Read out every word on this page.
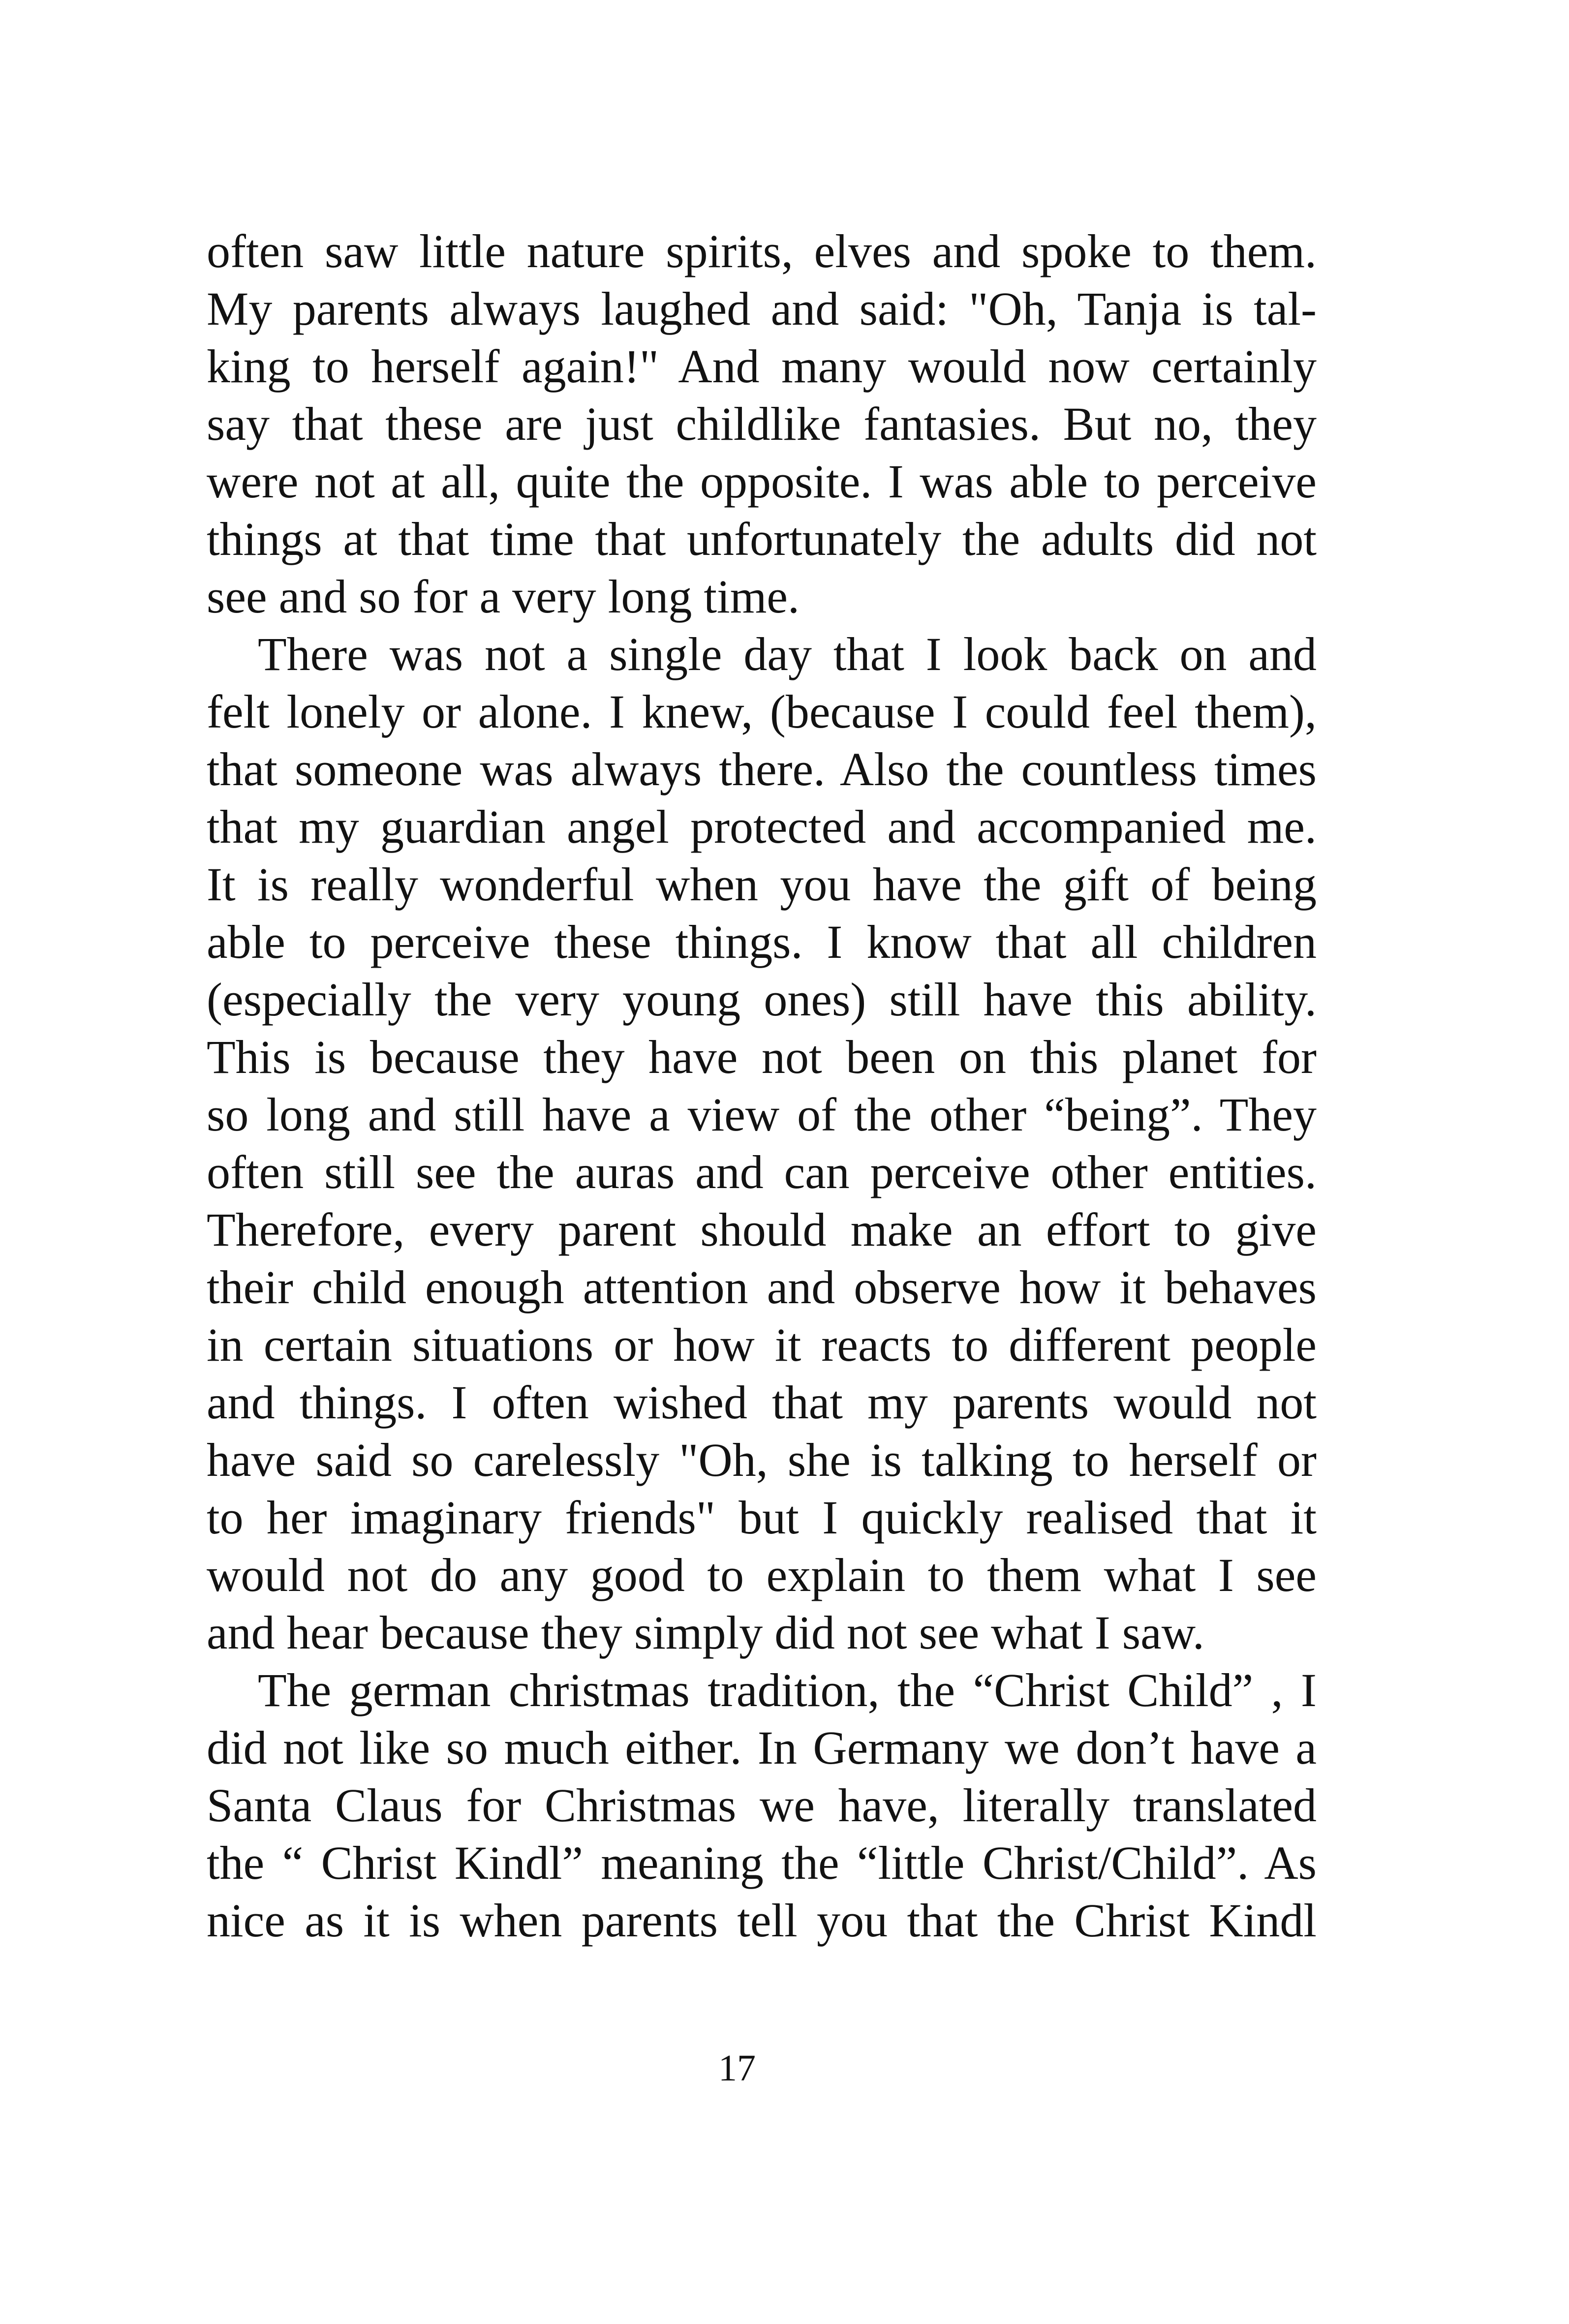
often saw little nature spirits, elves and spoke to them.
My parents always laughed and said: "Oh, Tanja is tal-
king to herself again!" And many would now certainly
say that these are just childlike fantasies. But no, they
were not at all, quite the opposite. I was able to perceive
things at that time that unfortunately the adults did not
see and so for a very long time.
There was not a single day that I look back on and
felt lonely or alone. I knew, (because I could feel them),
that someone was always there. Also the countless times
that my guardian angel protected and accompanied me.
It is really wonderful when you have the gift of being
able to perceive these things. I know that all children
(especially the very young ones) still have this ability.
This is because they have not been on this planet for
so long and still have a view of the other “being”. They
often still see the auras and can perceive other entities.
Therefore, every parent should make an effort to give
their child enough attention and observe how it behaves
in certain situations or how it reacts to different people
and things. I often wished that my parents would not
have said so carelessly "Oh, she is talking to herself or
to her imaginary friends" but I quickly realised that it
would not do any good to explain to them what I see
and hear because they simply did not see what I saw.
The german christmas tradition, the “Christ Child” , I
did not like so much either. In Germany we don’t have a
Santa Claus for Christmas we have, literally translated
the “ Christ Kindl” meaning the “little Christ/Child”. As
nice as it is when parents tell you that the Christ Kindl
17
